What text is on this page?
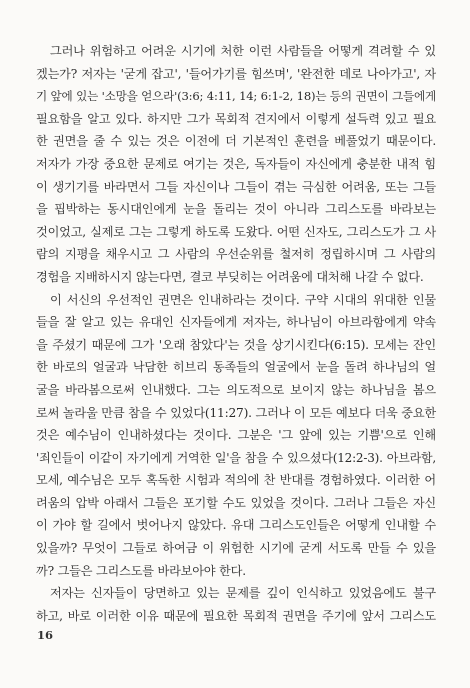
그러나 위험하고 어려운 시기에 처한 이런 사람들을 어떻게 격려할 수 있
겠는가? 저자는 '굳게 잡고', '들어가기를 힘쓰며', '완전한 데로 나아가고', 자
기 앞에 있는 '소망을 얻으라'(3:6; 4:11, 14; 6:1-2, 18)는 등의 권면이 그들에게
필요함을 알고 있다. 하지만 그가 목회적 견지에서 이렇게 설득력 있고 필요
한 권면을 줄 수 있는 것은 이전에 더 기본적인 훈련을 베풀었기 때문이다.
저자가 가장 중요한 문제로 여기는 것은, 독자들이 자신에게 충분한 내적 힘
이 생기기를 바라면서 그들 자신이나 그들이 겪는 극심한 어려움, 또는 그들
을 핍박하는 동시대인에게 눈을 돌리는 것이 아니라 그리스도를 바라보는
것이었고, 실제로 그는 그렇게 하도록 도왔다. 어떤 신자도, 그리스도가 그 사
람의 지평을 채우시고 그 사람의 우선순위를 철저히 정립하시며 그 사람의
경험을 지배하시지 않는다면, 결코 부딪히는 어려움에 대처해 나갈 수 없다.
이 서신의 우선적인 권면은 인내하라는 것이다. 구약 시대의 위대한 인물
들을 잘 알고 있는 유대인 신자들에게 저자는, 하나님이 아브라함에게 약속
을 주셨기 때문에 그가 '오래 참았다'는 것을 상기시킨다(6:15). 모세는 잔인
한 바로의 얼굴과 낙담한 히브리 동족들의 얼굴에서 눈을 돌려 하나님의 얼
굴을 바라봄으로써 인내했다. 그는 의도적으로 보이지 않는 하나님을 봄으
로써 놀라울 만큼 참을 수 있었다(11:27). 그러나 이 모든 예보다 더욱 중요한
것은 예수님이 인내하셨다는 것이다. 그분은 '그 앞에 있는 기쁨'으로 인해
'죄인들이 이같이 자기에게 거역한 일'을 참을 수 있으셨다(12:2-3). 아브라함,
모세, 예수님은 모두 혹독한 시험과 적의에 찬 반대를 경험하였다. 이러한 어
려움의 압박 아래서 그들은 포기할 수도 있었을 것이다. 그러나 그들은 자신
이 가야 할 길에서 벗어나지 않았다. 유대 그리스도인들은 어떻게 인내할 수
있을까? 무엇이 그들로 하여금 이 위험한 시기에 굳게 서도록 만들 수 있을
까? 그들은 그리스도를 바라보아야 한다.
저자는 신자들이 당면하고 있는 문제를 깊이 인식하고 있었음에도 불구
하고, 바로 이러한 이유 때문에 필요한 목회적 권면을 주기에 앞서 그리스도
16
